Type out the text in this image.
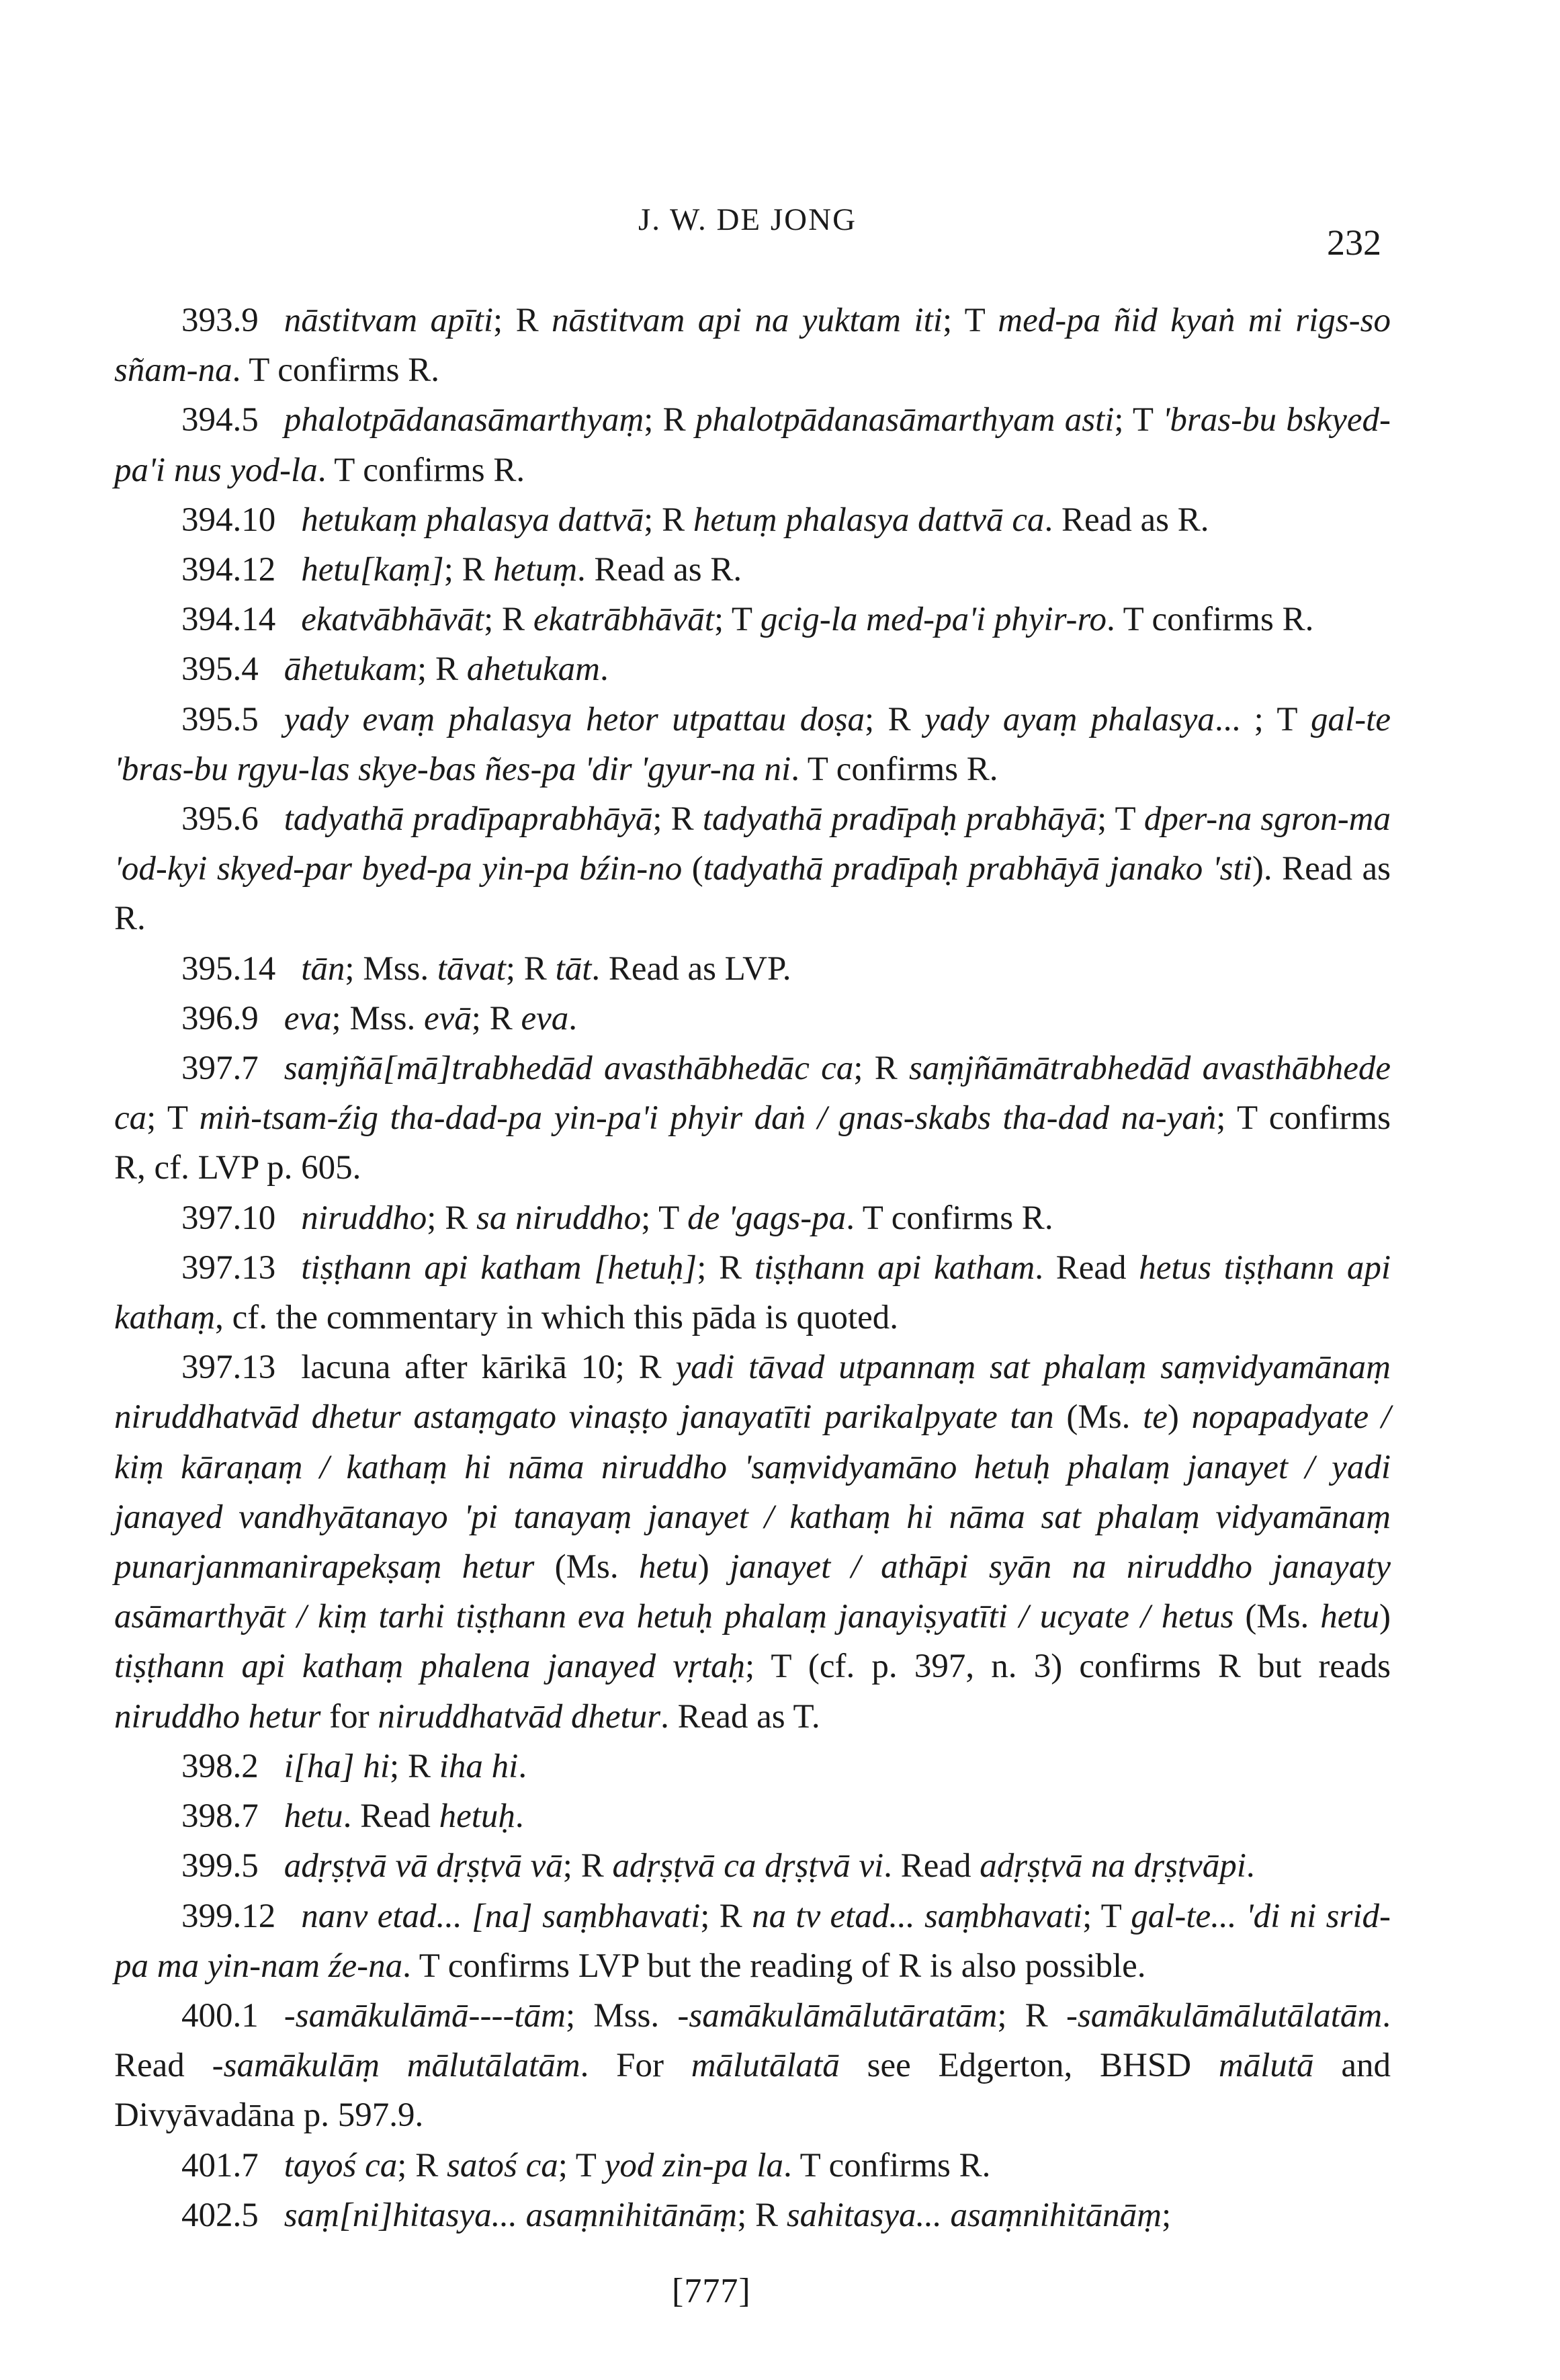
J. W. DE JONG
232

393.9 nāstitvam apīti; R nāstitvam api na yuktam iti; T med-pa ñid kyaṅ mi rigs-so sñam-na. T confirms R.

394.5 phalotpādanasāmarthyaṃ; R phalotpādanasāmarthyam asti; T 'bras-bu bskyed-pa'i nus yod-la. T confirms R.

394.10 hetukaṃ phalasya dattvā; R hetuṃ phalasya dattvā ca. Read as R.

394.12 hetu[kaṃ]; R hetuṃ. Read as R.

394.14 ekatvābhāvāt; R ekatrābhāvāt; T gcig-la med-pa'i phyir-ro. T confirms R.

395.4 āhetukam; R ahetukam.

395.5 yady evaṃ phalasya hetor utpattau doṣa; R yady ayaṃ phalasya... ; T gal-te 'bras-bu rgyu-las skye-bas ñes-pa 'dir 'gyur-na ni. T confirms R.

395.6 tadyathā pradīpaprabhāyā; R tadyathā pradīpaḥ prabhāyā; T dper-na sgron-ma 'od-kyi skyed-par byed-pa yin-pa bźin-no (tadyathā pradīpaḥ prabhāyā janako 'sti). Read as R.

395.14 tān; Mss. tāvat; R tāt. Read as LVP.

396.9 eva; Mss. evā; R eva.

397.7 saṃjñā[mā]trabhedād avasthābhedāc ca; R saṃjñāmātrabhedād avasthābhede ca; T miṅ-tsam-źig tha-dad-pa yin-pa'i phyir daṅ / gnas-skabs tha-dad na-yaṅ; T confirms R, cf. LVP p. 605.

397.10 niruddho; R sa niruddho; T de 'gags-pa. T confirms R.

397.13 tiṣṭhann api katham [hetuḥ]; R tiṣṭhann api katham. Read hetus tiṣṭhann api kathaṃ, cf. the commentary in which this pāda is quoted.

397.13 lacuna after kārikā 10; R yadi tāvad utpannaṃ sat phalaṃ saṃvidyamānaṃ niruddhatvād dhetur astaṃgato vinaṣṭo janayatīti parikalpyate tan (Ms. te) nopapadyate / kiṃ kāraṇaṃ / kathaṃ hi nāma niruddho 'saṃvidyamāno hetuḥ phalaṃ janayet / yadi janayed vandhyātanayo 'pi tanayaṃ janayet / kathaṃ hi nāma sat phalaṃ vidyamānaṃ punarjanmanirapekṣaṃ hetur (Ms. hetu) janayet / athāpi syān na niruddho janayaty asāmarthyāt / kiṃ tarhi tiṣṭhann eva hetuḥ phalaṃ janayiṣyatīti / ucyate / hetus (Ms. hetu) tiṣṭhann api kathaṃ phalena janayed vṛtaḥ; T (cf. p. 397, n. 3) confirms R but reads niruddho hetur for niruddhatvād dhetur. Read as T.

398.2 i[ha] hi; R iha hi.

398.7 hetu. Read hetuḥ.

399.5 adṛṣṭvā vā dṛṣṭvā vā; R adṛṣṭvā ca dṛṣṭvā vi. Read adṛṣṭvā na dṛṣṭvāpi.

399.12 nanv etad... [na] saṃbhavati; R na tv etad... saṃbhavati; T gal-te... 'di ni srid-pa ma yin-nam źe-na. T confirms LVP but the reading of R is also possible.

400.1 -samākulāmā----tām; Mss. -samākulāmālutāratām; R -samākulāmālutālatām. Read -samākulāṃ mālutālatām. For mālutālatā see Edgerton, BHSD mālutā and Divyāvadāna p. 597.9.

401.7 tayoś ca; R satoś ca; T yod zin-pa la. T confirms R.

402.5 saṃ[ni]hitasya... asaṃnihitānāṃ; R sahitasya... asaṃnihitānāṃ;

[777]
